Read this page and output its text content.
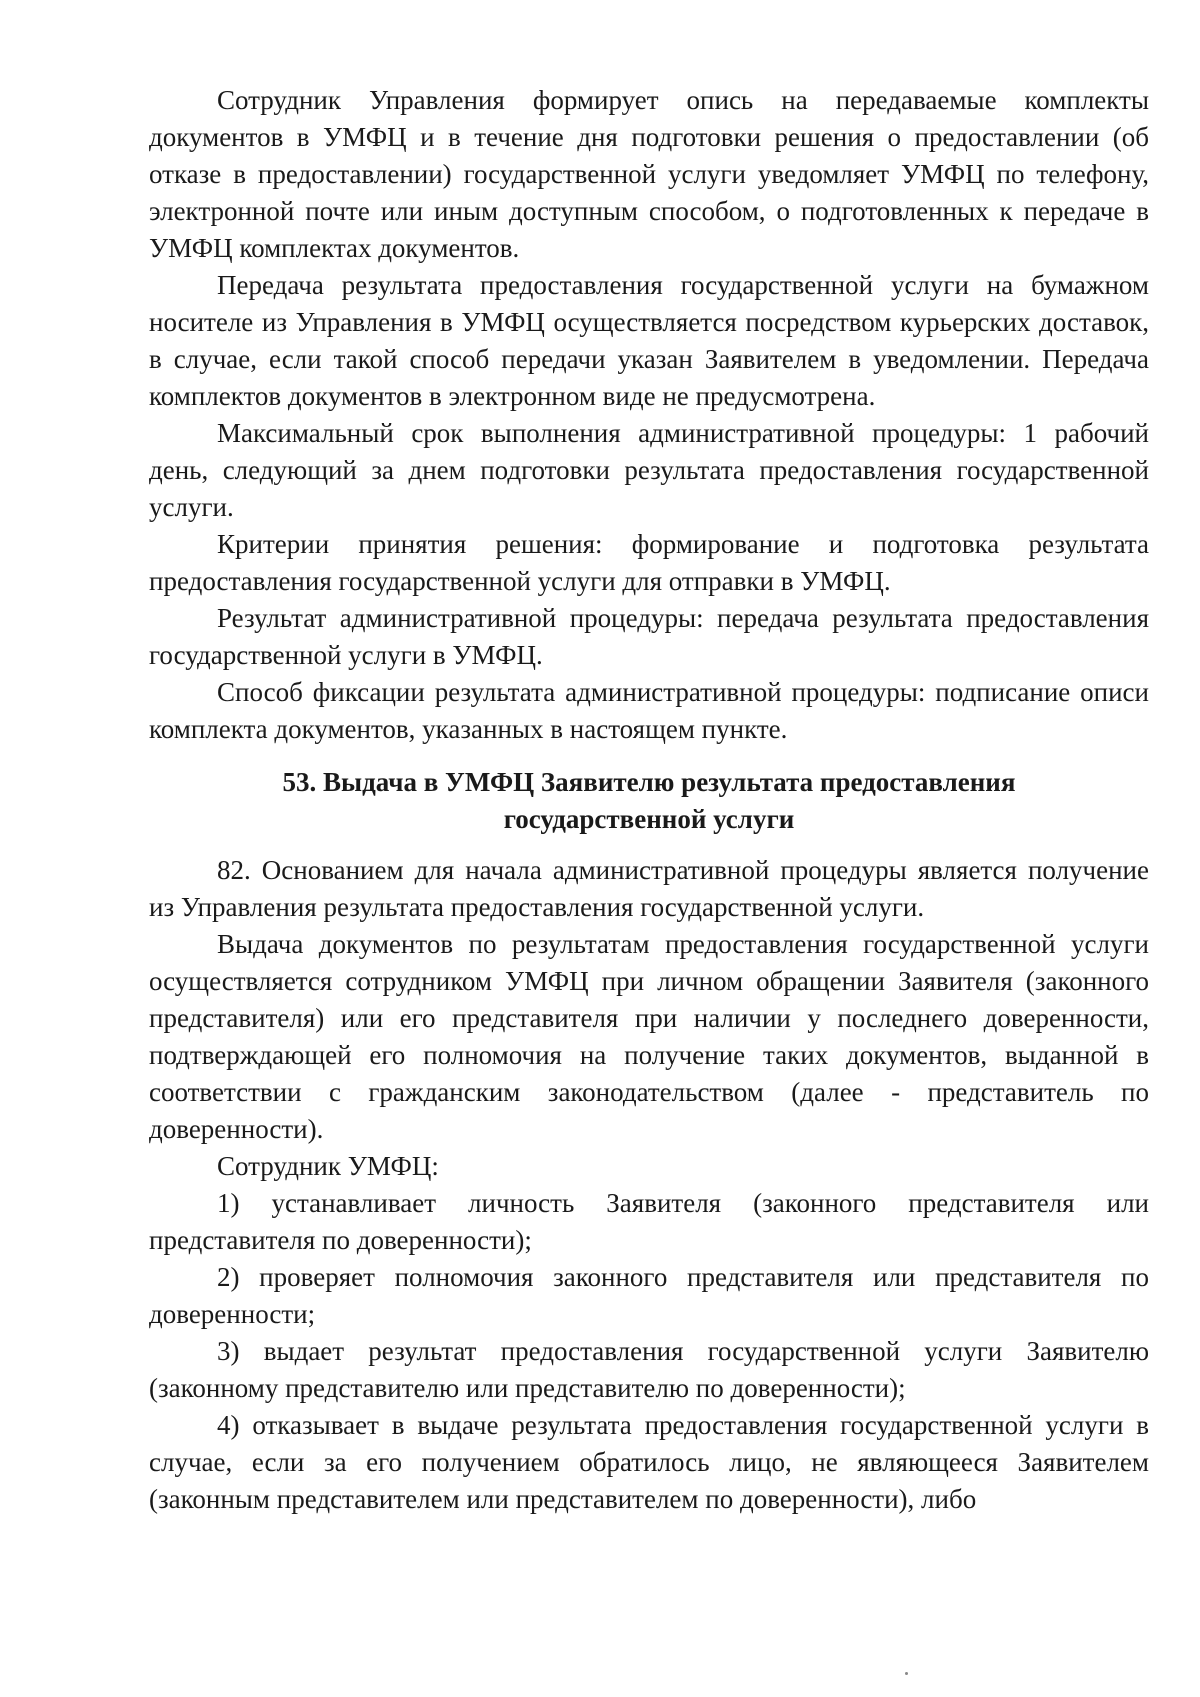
Сотрудник Управления формирует опись на передаваемые комплекты документов в УМФЦ и в течение дня подготовки решения о предоставлении (об отказе в предоставлении) государственной услуги уведомляет УМФЦ по телефону, электронной почте или иным доступным способом, о подготовленных к передаче в УМФЦ комплектах документов.

Передача результата предоставления государственной услуги на бумажном носителе из Управления в УМФЦ осуществляется посредством курьерских доставок, в случае, если такой способ передачи указан Заявителем в уведомлении. Передача комплектов документов в электронном виде не предусмотрена.

Максимальный срок выполнения административной процедуры: 1 рабочий день, следующий за днем подготовки результата предоставления государственной услуги.

Критерии принятия решения: формирование и подготовка результата предоставления государственной услуги для отправки в УМФЦ.

Результат административной процедуры: передача результата предоставления государственной услуги в УМФЦ.

Способ фиксации результата административной процедуры: подписание описи комплекта документов, указанных в настоящем пункте.

53. Выдача в УМФЦ Заявителю результата предоставления
государственной услуги

82. Основанием для начала административной процедуры является получение из Управления результата предоставления государственной услуги.

Выдача документов по результатам предоставления государственной услуги осуществляется сотрудником УМФЦ при личном обращении Заявителя (законного представителя) или его представителя при наличии у последнего доверенности, подтверждающей его полномочия на получение таких документов, выданной в соответствии с гражданским законодательством (далее - представитель по доверенности).

Сотрудник УМФЦ:

1) устанавливает личность Заявителя (законного представителя или представителя по доверенности);

2) проверяет полномочия законного представителя или представителя по доверенности;

3) выдает результат предоставления государственной услуги Заявителю (законному представителю или представителю по доверенности);

4) отказывает в выдаче результата предоставления государственной услуги в случае, если за его получением обратилось лицо, не являющееся Заявителем (законным представителем или представителем по доверенности), либо
